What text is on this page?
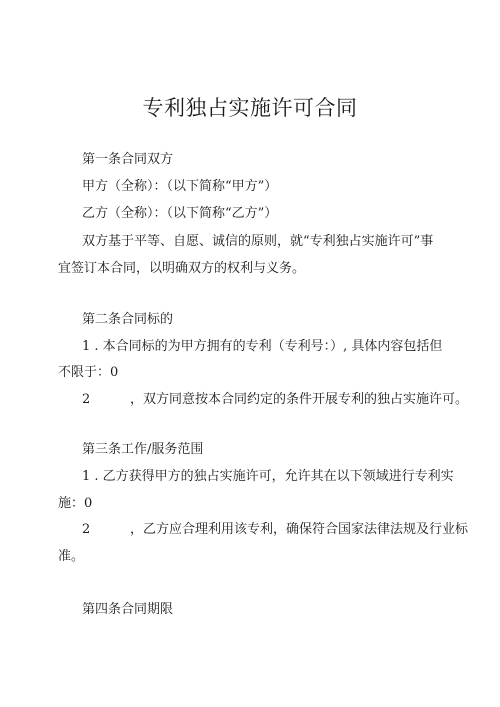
专利独占实施许可合同

第一条合同双方

甲方（全称）：（以下简称“甲方”）

乙方（全称）：（以下简称“乙方”）

双方基于平等、自愿、诚信的原则，就“专利独占实施许可”事

宜签订本合同，以明确双方的权利与义务。

第二条合同标的

1 . 本合同标的为甲方拥有的专利（专利号：）, 具体内容包括但

不限于：0

2	，双方同意按本合同约定的条件开展专利的独占实施许可。

第三条工作/服务范围

1 . 乙方获得甲方的独占实施许可，允许其在以下领域进行专利实

施：0

2	，乙方应合理利用该专利，确保符合国家法律法规及行业标

准。

第四条合同期限
